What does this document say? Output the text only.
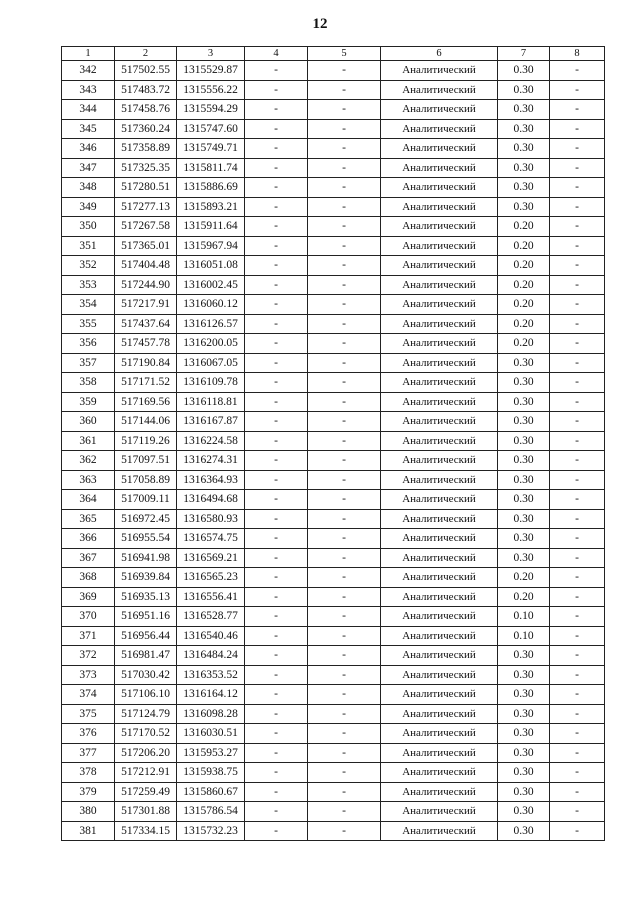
12
1	2	3	4	5	6	7	8
342	517502.55	1315529.87	-	-	Аналитический	0.30	-
343	517483.72	1315556.22	-	-	Аналитический	0.30	-
344	517458.76	1315594.29	-	-	Аналитический	0.30	-
345	517360.24	1315747.60	-	-	Аналитический	0.30	-
346	517358.89	1315749.71	-	-	Аналитический	0.30	-
347	517325.35	1315811.74	-	-	Аналитический	0.30	-
348	517280.51	1315886.69	-	-	Аналитический	0.30	-
349	517277.13	1315893.21	-	-	Аналитический	0.30	-
350	517267.58	1315911.64	-	-	Аналитический	0.20	-
351	517365.01	1315967.94	-	-	Аналитический	0.20	-
352	517404.48	1316051.08	-	-	Аналитический	0.20	-
353	517244.90	1316002.45	-	-	Аналитический	0.20	-
354	517217.91	1316060.12	-	-	Аналитический	0.20	-
355	517437.64	1316126.57	-	-	Аналитический	0.20	-
356	517457.78	1316200.05	-	-	Аналитический	0.20	-
357	517190.84	1316067.05	-	-	Аналитический	0.30	-
358	517171.52	1316109.78	-	-	Аналитический	0.30	-
359	517169.56	1316118.81	-	-	Аналитический	0.30	-
360	517144.06	1316167.87	-	-	Аналитический	0.30	-
361	517119.26	1316224.58	-	-	Аналитический	0.30	-
362	517097.51	1316274.31	-	-	Аналитический	0.30	-
363	517058.89	1316364.93	-	-	Аналитический	0.30	-
364	517009.11	1316494.68	-	-	Аналитический	0.30	-
365	516972.45	1316580.93	-	-	Аналитический	0.30	-
366	516955.54	1316574.75	-	-	Аналитический	0.30	-
367	516941.98	1316569.21	-	-	Аналитический	0.30	-
368	516939.84	1316565.23	-	-	Аналитический	0.20	-
369	516935.13	1316556.41	-	-	Аналитический	0.20	-
370	516951.16	1316528.77	-	-	Аналитический	0.10	-
371	516956.44	1316540.46	-	-	Аналитический	0.10	-
372	516981.47	1316484.24	-	-	Аналитический	0.30	-
373	517030.42	1316353.52	-	-	Аналитический	0.30	-
374	517106.10	1316164.12	-	-	Аналитический	0.30	-
375	517124.79	1316098.28	-	-	Аналитический	0.30	-
376	517170.52	1316030.51	-	-	Аналитический	0.30	-
377	517206.20	1315953.27	-	-	Аналитический	0.30	-
378	517212.91	1315938.75	-	-	Аналитический	0.30	-
379	517259.49	1315860.67	-	-	Аналитический	0.30	-
380	517301.88	1315786.54	-	-	Аналитический	0.30	-
381	517334.15	1315732.23	-	-	Аналитический	0.30	-
